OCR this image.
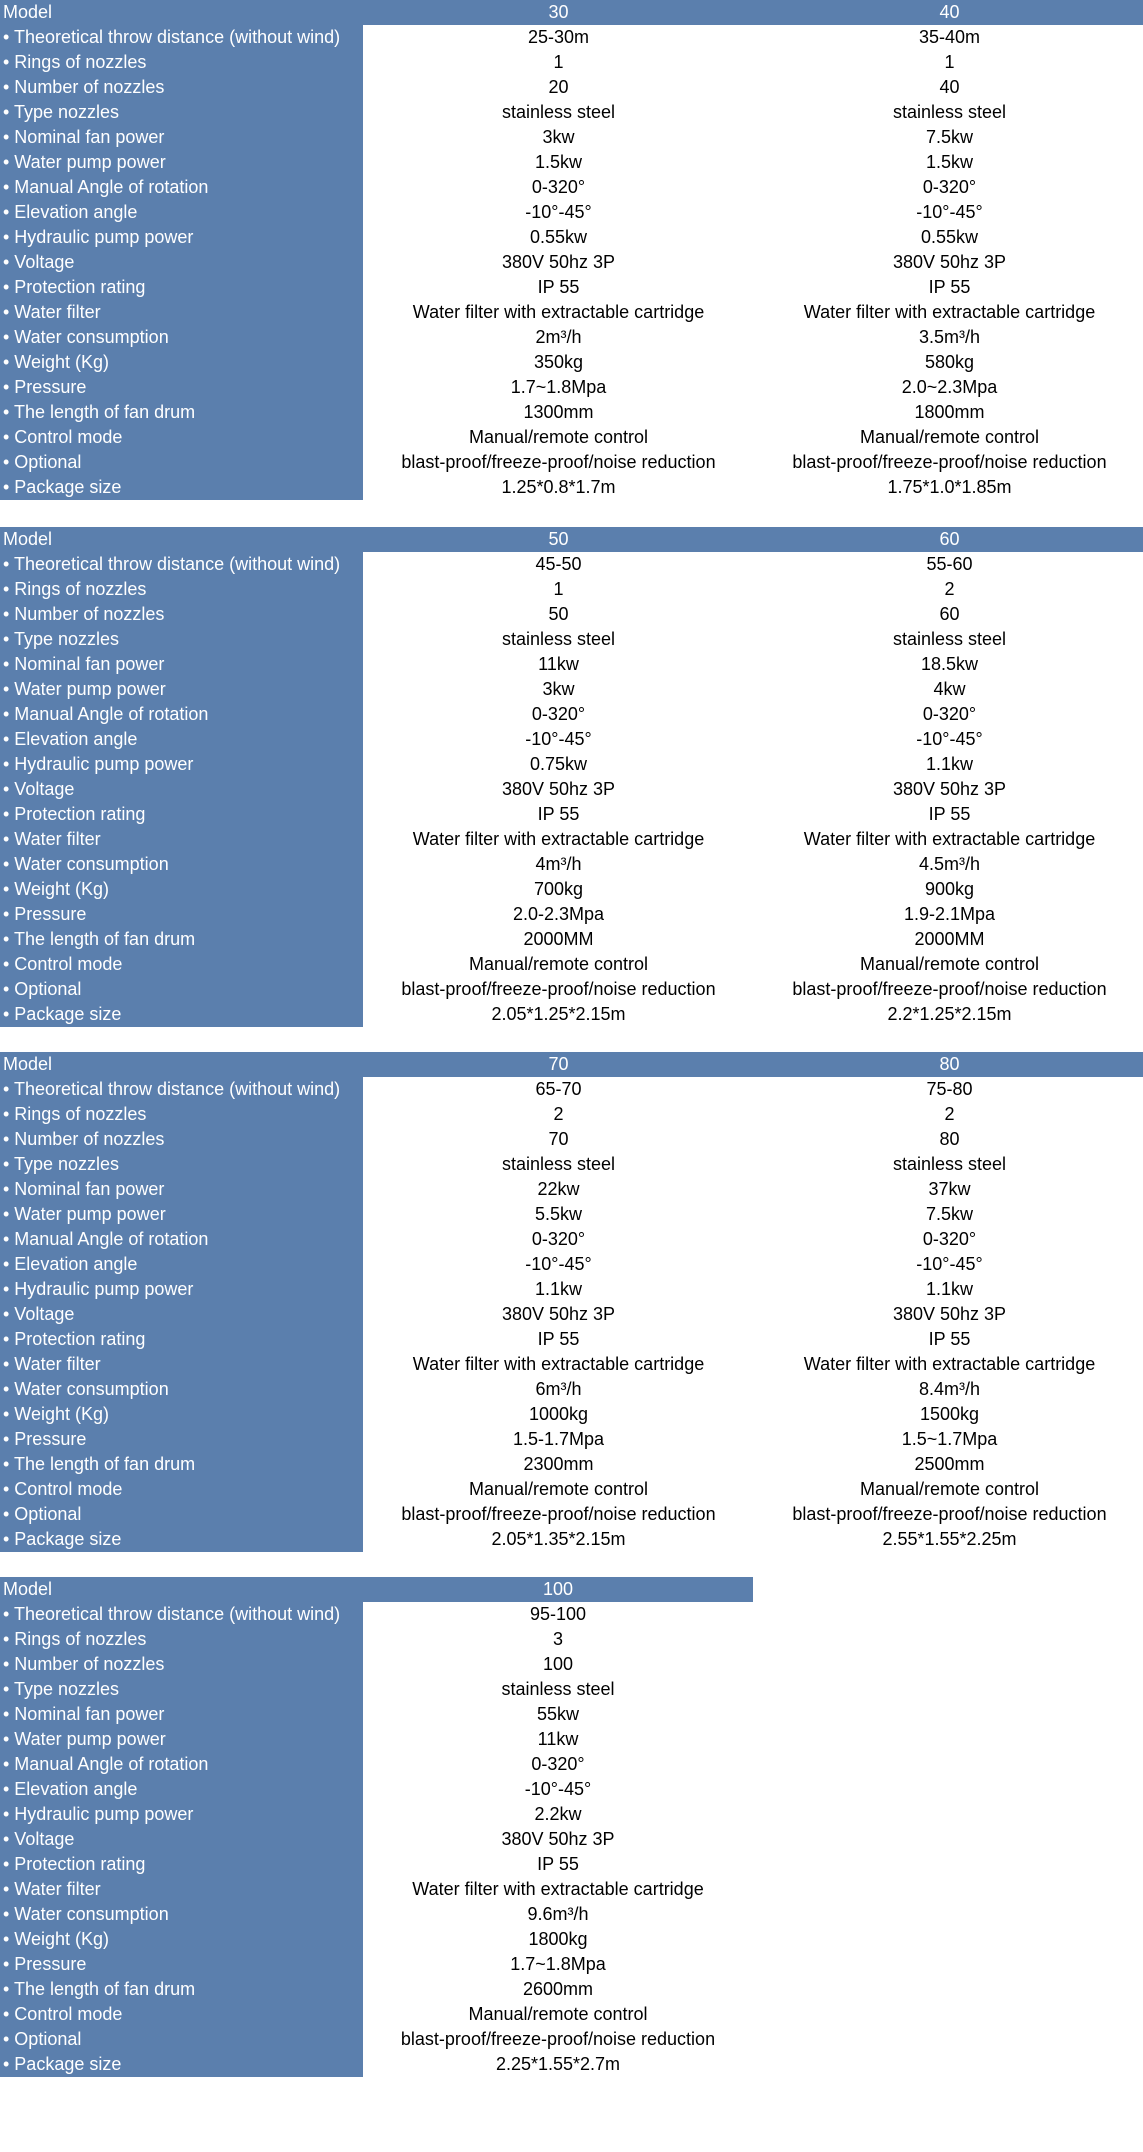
Model	30	40
• Theoretical throw distance (without wind)	25-30m	35-40m
• Rings of nozzles	1	1
• Number of nozzles	20	40
• Type nozzles	stainless steel	stainless steel
• Nominal fan power	3kw	7.5kw
• Water pump power	1.5kw	1.5kw
• Manual Angle of rotation	0-320°	0-320°
• Elevation angle	-10°-45°	-10°-45°
• Hydraulic pump power	0.55kw	0.55kw
• Voltage	380V 50hz 3P	380V 50hz 3P
• Protection rating	IP 55	IP 55
• Water filter	Water filter with extractable cartridge	Water filter with extractable cartridge
• Water consumption	2m³/h	3.5m³/h
• Weight (Kg)	350kg	580kg
• Pressure	1.7~1.8Mpa	2.0~2.3Mpa
• The length of fan drum	1300mm	1800mm
• Control mode	Manual/remote control	Manual/remote control
• Optional	blast-proof/freeze-proof/noise reduction	blast-proof/freeze-proof/noise reduction
• Package size	1.25*0.8*1.7m	1.75*1.0*1.85m
Model	50	60
• Theoretical throw distance (without wind)	45-50	55-60
• Rings of nozzles	1	2
• Number of nozzles	50	60
• Type nozzles	stainless steel	stainless steel
• Nominal fan power	11kw	18.5kw
• Water pump power	3kw	4kw
• Manual Angle of rotation	0-320°	0-320°
• Elevation angle	-10°-45°	-10°-45°
• Hydraulic pump power	0.75kw	1.1kw
• Voltage	380V 50hz 3P	380V 50hz 3P
• Protection rating	IP 55	IP 55
• Water filter	Water filter with extractable cartridge	Water filter with extractable cartridge
• Water consumption	4m³/h	4.5m³/h
• Weight (Kg)	700kg	900kg
• Pressure	2.0-2.3Mpa	1.9-2.1Mpa
• The length of fan drum	2000MM	2000MM
• Control mode	Manual/remote control	Manual/remote control
• Optional	blast-proof/freeze-proof/noise reduction	blast-proof/freeze-proof/noise reduction
• Package size	2.05*1.25*2.15m	2.2*1.25*2.15m
Model	70	80
• Theoretical throw distance (without wind)	65-70	75-80
• Rings of nozzles	2	2
• Number of nozzles	70	80
• Type nozzles	stainless steel	stainless steel
• Nominal fan power	22kw	37kw
• Water pump power	5.5kw	7.5kw
• Manual Angle of rotation	0-320°	0-320°
• Elevation angle	-10°-45°	-10°-45°
• Hydraulic pump power	1.1kw	1.1kw
• Voltage	380V 50hz 3P	380V 50hz 3P
• Protection rating	IP 55	IP 55
• Water filter	Water filter with extractable cartridge	Water filter with extractable cartridge
• Water consumption	6m³/h	8.4m³/h
• Weight (Kg)	1000kg	1500kg
• Pressure	1.5-1.7Mpa	1.5~1.7Mpa
• The length of fan drum	2300mm	2500mm
• Control mode	Manual/remote control	Manual/remote control
• Optional	blast-proof/freeze-proof/noise reduction	blast-proof/freeze-proof/noise reduction
• Package size	2.05*1.35*2.15m	2.55*1.55*2.25m
Model	100
• Theoretical throw distance (without wind)	95-100
• Rings of nozzles	3
• Number of nozzles	100
• Type nozzles	stainless steel
• Nominal fan power	55kw
• Water pump power	11kw
• Manual Angle of rotation	0-320°
• Elevation angle	-10°-45°
• Hydraulic pump power	2.2kw
• Voltage	380V 50hz 3P
• Protection rating	IP 55
• Water filter	Water filter with extractable cartridge
• Water consumption	9.6m³/h
• Weight (Kg)	1800kg
• Pressure	1.7~1.8Mpa
• The length of fan drum	2600mm
• Control mode	Manual/remote control
• Optional	blast-proof/freeze-proof/noise reduction
• Package size	2.25*1.55*2.7m
